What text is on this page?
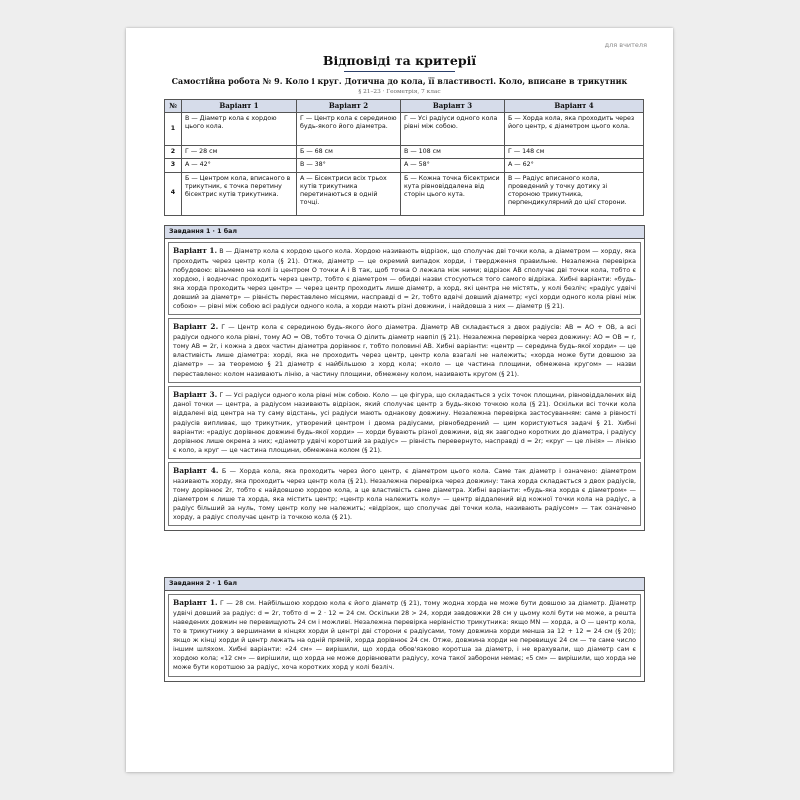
для вчителя
Відповіді та критерії
Самостійна робота № 9. Коло і круг. Дотична до кола, її властивості. Коло, вписане в трикутник
§ 21–23 · Геометрія, 7 клас
№	Варіант 1	Варіант 2	Варіант 3	Варіант 4
1	В — Діаметр кола є хордою цього кола.	Г — Центр кола є серединою будь-якого його діаметра.	Г — Усі радіуси одного кола рівні між собою.	Б — Хорда кола, яка проходить через його центр, є діаметром цього кола.
2	Г — 28 см	Б — 68 см	В — 108 см	Г — 148 см
3	А — 42°	В — 38°	А — 58°	А — 62°
4	Б — Центром кола, вписаного в трикутник, є точка перетину бісектрис кутів трикутника.	А — Бісектриси всіх трьох кутів трикутника перетинаються в одній точці.	Б — Кожна точка бісектриси кута рівновіддалена від сторін цього кута.	В — Радіус вписаного кола, проведений у точку дотику зі стороною трикутника, перпендикулярний до цієї сторони.
Завдання 1 · 1 бал
Варіант 1. В — Діаметр кола є хордою цього кола. Хордою називають відрізок, що сполучає дві точки кола, а діаметром — хорду, яка проходить через центр кола (§ 21). Отже, діаметр — це окремий випадок хорди, і твердження правильне. Незалежна перевірка побудовою: візьмемо на колі із центром O точки A і B так, щоб точка O лежала між ними; відрізок AB сполучає дві точки кола, тобто є хордою, і водночас проходить через центр, тобто є діаметром — обидві назви стосуються того самого відрізка. Хибні варіанти: «будь-яка хорда проходить через центр» — через центр проходить лише діаметр, а хорд, які центра не містять, у колі безліч; «радіус удвічі довший за діаметр» — рівність переставлено місцями, насправді d = 2r, тобто вдвічі довший діаметр; «усі хорди одного кола рівні між собою» — рівні між собою всі радіуси одного кола, а хорди мають різні довжини, і найдовша з них — діаметр (§ 21).
Варіант 2. Г — Центр кола є серединою будь-якого його діаметра. Діаметр AB складається з двох радіусів: AB = AO + OB, а всі радіуси одного кола рівні, тому AO = OB, тобто точка O ділить діаметр навпіл (§ 21). Незалежна перевірка через довжину: AO = OB = r, тому AB = 2r, і кожна з двох частин діаметра дорівнює r, тобто половині AB. Хибні варіанти: «центр — середина будь-якої хорди» — це властивість лише діаметра: хорді, яка не проходить через центр, центр кола взагалі не належить; «хорда може бути довшою за діаметр» — за теоремою § 21 діаметр є найбільшою з хорд кола; «коло — це частина площини, обмежена кругом» — назви переставлено: колом називають лінію, а частину площини, обмежену колом, називають кругом (§ 21).
Варіант 3. Г — Усі радіуси одного кола рівні між собою. Коло — це фігура, що складається з усіх точок площини, рівновіддалених від даної точки — центра, а радіусом називають відрізок, який сполучає центр з будь-якою точкою кола (§ 21). Оскільки всі точки кола віддалені від центра на ту саму відстань, усі радіуси мають однакову довжину. Незалежна перевірка застосуванням: саме з рівності радіусів випливає, що трикутник, утворений центром і двома радіусами, рівнобедрений — цим користуються задачі § 21. Хибні варіанти: «радіус дорівнює довжині будь-якої хорди» — хорди бувають різної довжини, від як завгодно коротких до діаметра, і радіусу дорівнює лише окрема з них; «діаметр удвічі коротший за радіус» — рівність перевернуто, насправді d = 2r; «круг — це лінія» — лінією є коло, а круг — це частина площини, обмежена колом (§ 21).
Варіант 4. Б — Хорда кола, яка проходить через його центр, є діаметром цього кола. Саме так діаметр і означено: діаметром називають хорду, яка проходить через центр кола (§ 21). Незалежна перевірка через довжину: така хорда складається з двох радіусів, тому дорівнює 2r, тобто є найдовшою хордою кола, а це властивість саме діаметра. Хибні варіанти: «будь-яка хорда є діаметром» — діаметром є лише та хорда, яка містить центр; «центр кола належить колу» — центр віддалений від кожної точки кола на радіус, а радіус більший за нуль, тому центр колу не належить; «відрізок, що сполучає дві точки кола, називають радіусом» — так означено хорду, а радіус сполучає центр із точкою кола (§ 21).
Завдання 2 · 1 бал
Варіант 1. Г — 28 см. Найбільшою хордою кола є його діаметр (§ 21), тому жодна хорда не може бути довшою за діаметр. Діаметр удвічі довший за радіус: d = 2r, тобто d = 2 · 12 = 24 см. Оскільки 28 > 24, хорди завдовжки 28 см у цьому колі бути не може, а решта наведених довжин не перевищують 24 см і можливі. Незалежна перевірка нерівністю трикутника: якщо MN — хорда, а O — центр кола, то в трикутнику з вершинами в кінцях хорди й центрі дві сторони є радіусами, тому довжина хорди менша за 12 + 12 = 24 см (§ 20); якщо ж кінці хорди й центр лежать на одній прямій, хорда дорівнює 24 см. Отже, довжина хорди не перевищує 24 см — те саме число іншим шляхом. Хибні варіанти: «24 см» — вирішили, що хорда обов'язково коротша за діаметр, і не врахували, що діаметр сам є хордою кола; «12 см» — вирішили, що хорда не може дорівнювати радіусу, хоча такої заборони немає; «5 см» — вирішили, що хорда не може бути коротшою за радіус, хоча коротких хорд у колі безліч.
